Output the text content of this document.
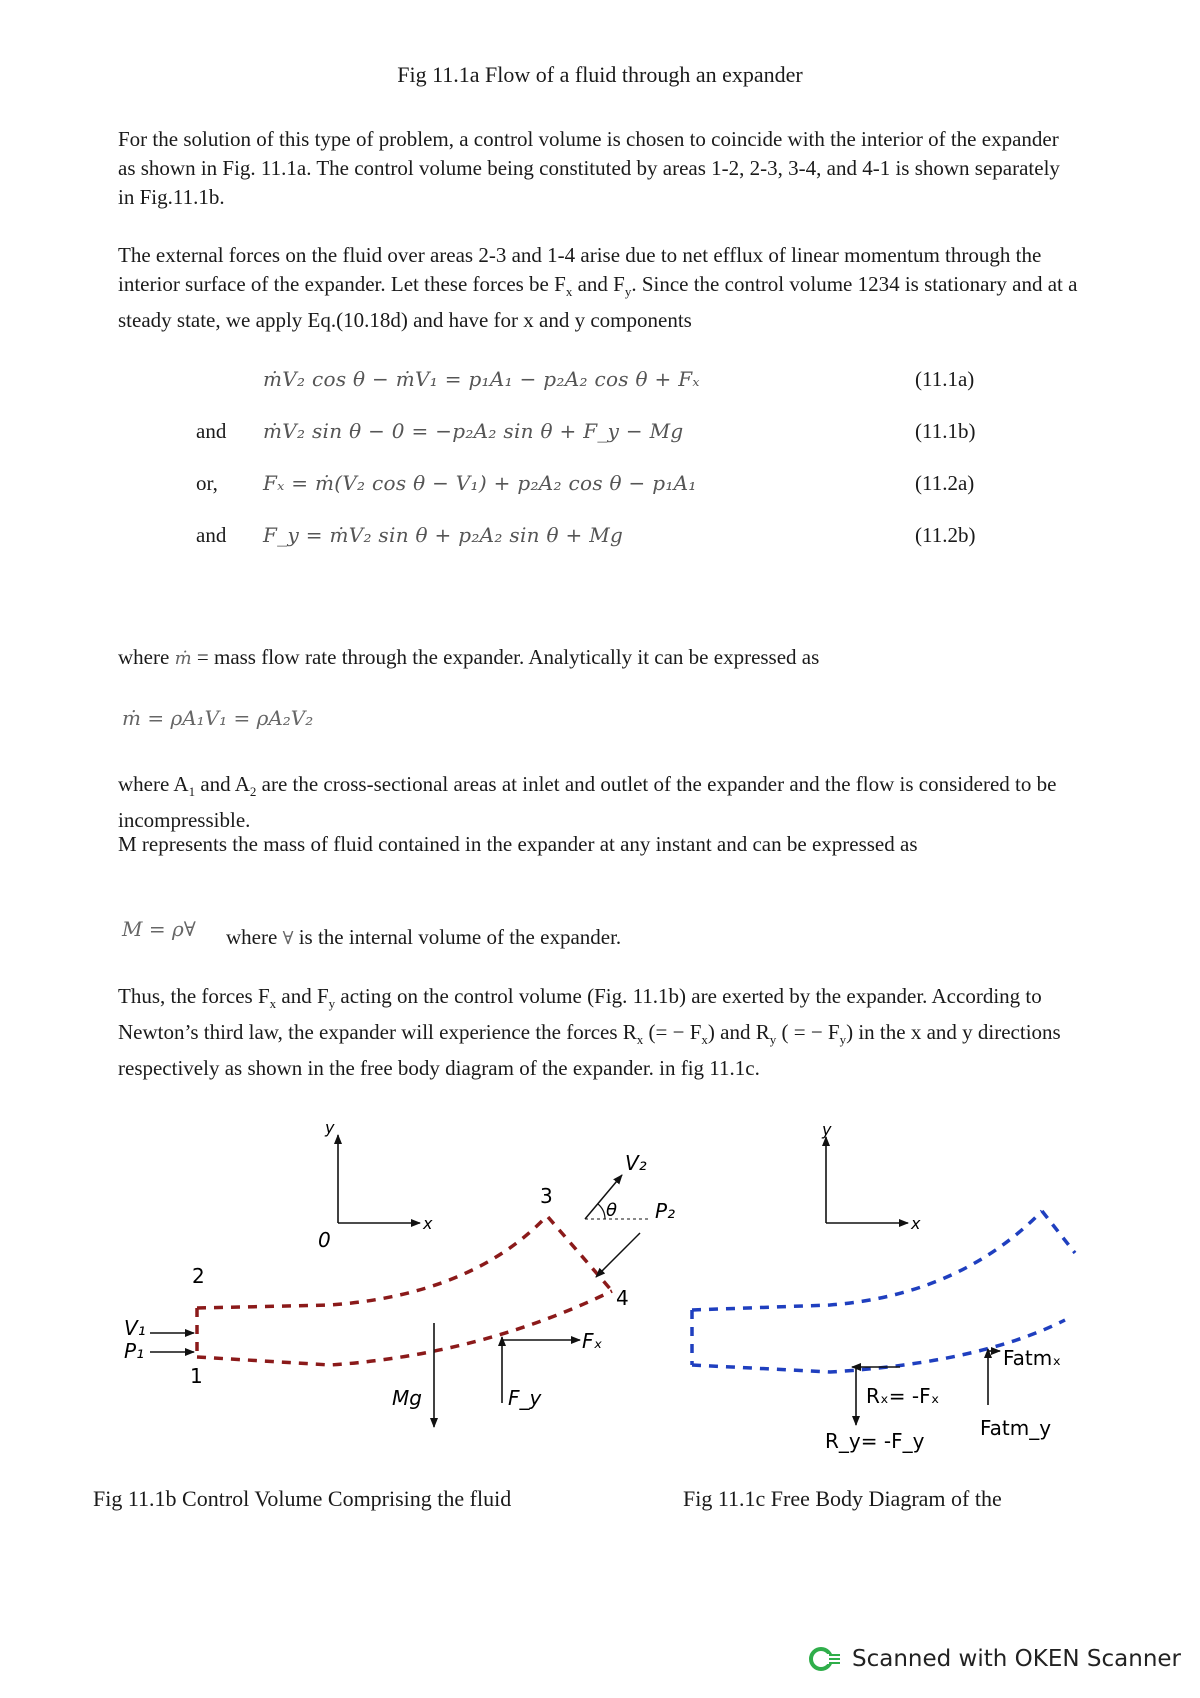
Fig 11.1a Flow of a fluid through an expander

For the solution of this type of problem, a control volume is chosen to coincide with the interior of the expander as shown in Fig. 11.1a. The control volume being constituted by areas 1-2, 2-3, 3-4, and 4-1 is shown separately in Fig.11.1b.

The external forces on the fluid over areas 2-3 and 1-4 arise due to net efflux of linear momentum through the interior surface of the expander. Let these forces be $F_x$ and $F_y$. Since the control volume 1234 is stationary and at a steady state, we apply Eq.(10.18d) and have for x and y components

ṁV₂ cos θ − ṁV₁ = p₁A₁ − p₂A₂ cos θ + Fₓ	(11.1a)
and ṁV₂ sin θ − 0 = −p₂A₂ sin θ + F_y − Mg	(11.1b)
or, Fₓ = ṁ(V₂ cos θ − V₁) + p₂A₂ cos θ − p₁A₁	(11.2a)
and F_y = ṁV₂ sin θ + p₂A₂ sin θ + Mg	(11.2b)
where ṁ = mass flow rate through the expander. Analytically it can be expressed as
ṁ = ρA₁V₁ = ρA₂V₂

where $A_1$ and $A_2$ are the cross-sectional areas at inlet and outlet of the expander and the flow is considered to be incompressible.

M represents the mass of fluid contained in the expander at any instant and can be expressed as

M = ρ∀ where ∀ is the internal volume of the expander.

Thus, the forces $F_x$ and $F_y$ acting on the control volume (Fig. 11.1b) are exerted by the expander. According to Newton’s third law, the expander will experience the forces $R_x$ (= − $F_x$) and $R_y$ ( = − $F_y$) in the x and y directions respectively as shown in the free body diagram of the expander. in fig 11.1c.

y
x
0
2
1
3
4
V₁
P₁
θ
V₂
P₂
Fₓ
F_y
Mg
y
x
Rₓ= -Fₓ
R_y= -F_y
Fatmₓ
Fatm_y
Fig 11.1b Control Volume Comprising the fluid	Fig 11.1c Free Body Diagram of the
Scanned with OKEN Scanner
